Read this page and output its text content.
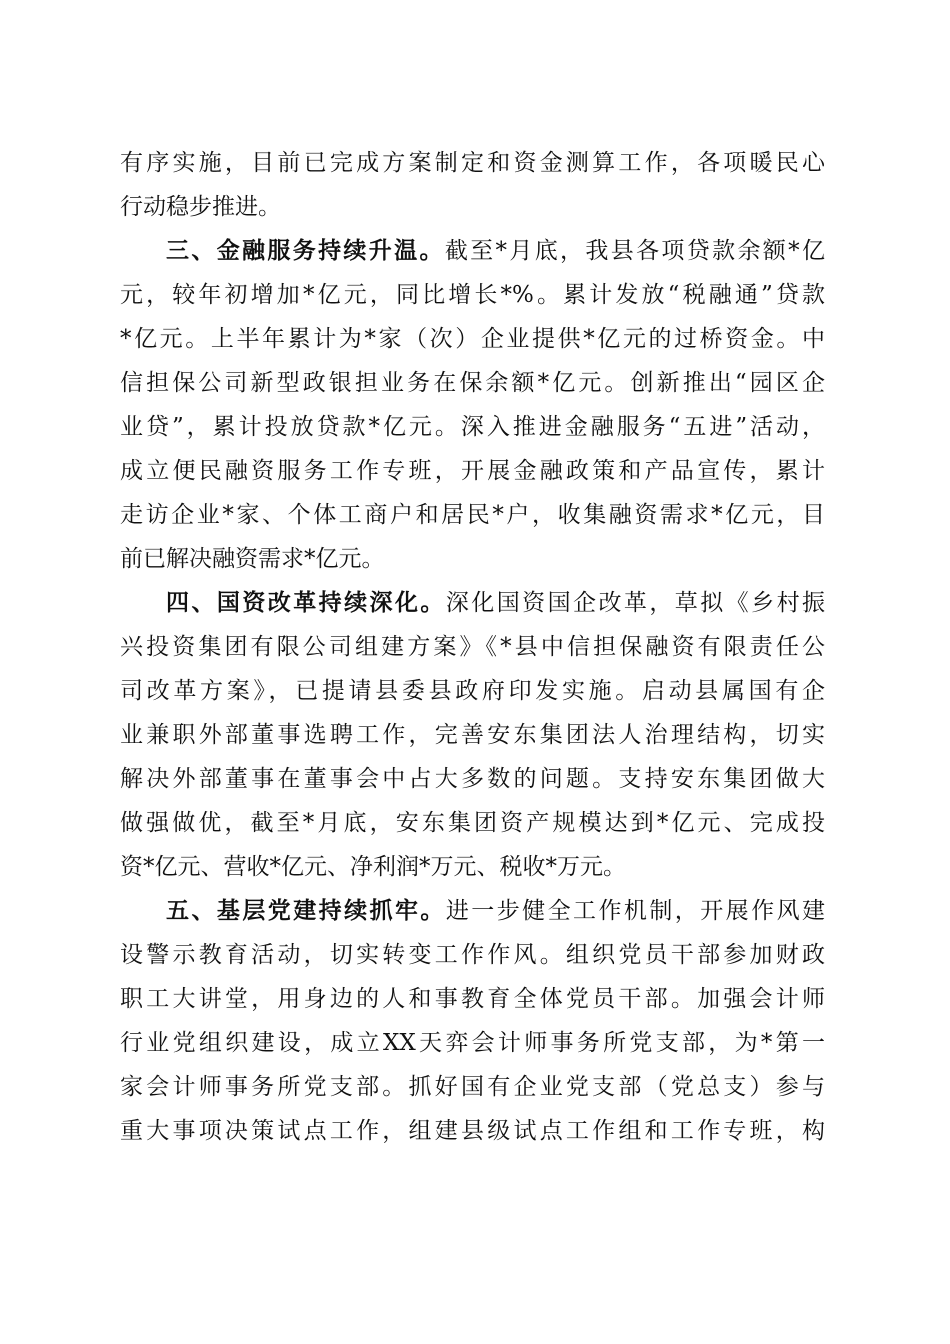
有序实施，目前已完成方案制定和资金测算工作，各项暖民心
行动稳步推进。
三、金融服务持续升温。截至*月底，我县各项贷款余额*亿
元，较年初增加*亿元，同比增长*%。累计发放“税融通”贷款
*亿元。上半年累计为*家（次）企业提供*亿元的过桥资金。中
信担保公司新型政银担业务在保余额*亿元。创新推出“园区企
业贷”，累计投放贷款*亿元。深入推进金融服务“五进”活动，
成立便民融资服务工作专班，开展金融政策和产品宣传，累计
走访企业*家、个体工商户和居民*户，收集融资需求*亿元，目
前已解决融资需求*亿元。
四、国资改革持续深化。深化国资国企改革，草拟《乡村振
兴投资集团有限公司组建方案》《*县中信担保融资有限责任公
司改革方案》，已提请县委县政府印发实施。启动县属国有企
业兼职外部董事选聘工作，完善安东集团法人治理结构，切实
解决外部董事在董事会中占大多数的问题。支持安东集团做大
做强做优，截至*月底，安东集团资产规模达到*亿元、完成投
资*亿元、营收*亿元、净利润*万元、税收*万元。
五、基层党建持续抓牢。进一步健全工作机制，开展作风建
设警示教育活动，切实转变工作作风。组织党员干部参加财政
职工大讲堂，用身边的人和事教育全体党员干部。加强会计师
行业党组织建设，成立XX天弈会计师事务所党支部，为*第一
家会计师事务所党支部。抓好国有企业党支部（党总支）参与
重大事项决策试点工作，组建县级试点工作组和工作专班，构
